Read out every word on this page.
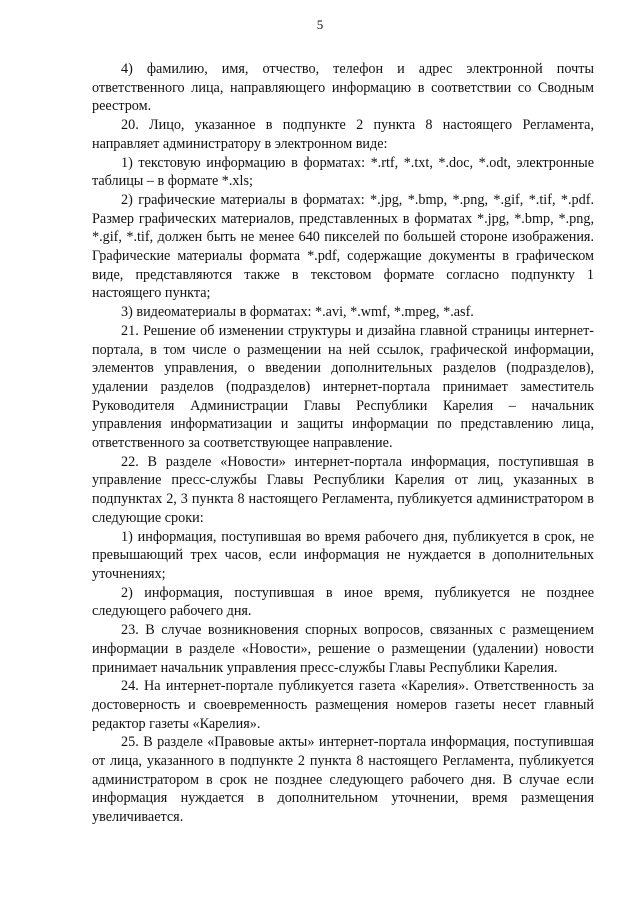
5

4) фамилию, имя, отчество, телефон и адрес электронной почты ответственного лица, направляющего информацию в соответствии со Сводным реестром.

20. Лицо, указанное в подпункте 2 пункта 8 настоящего Регламента, направляет администратору в электронном виде:

1) текстовую информацию в форматах: *.rtf, *.txt, *.doc, *.odt, электронные таблицы – в формате *.xls;

2) графические материалы в форматах: *.jpg, *.bmp, *.png, *.gif, *.tif, *.pdf. Размер графических материалов, представленных в форматах *.jpg, *.bmp, *.png, *.gif, *.tif, должен быть не менее 640 пикселей по большей стороне изображения. Графические материалы формата *.pdf, содержащие документы в графическом виде, представляются также в текстовом формате согласно подпункту 1 настоящего пункта;

3) видеоматериалы в форматах: *.avi, *.wmf, *.mpeg, *.asf.

21. Решение об изменении структуры и дизайна главной страницы интернет-портала, в том числе о размещении на ней ссылок, графической информации, элементов управления, о введении дополнительных разделов (подразделов), удалении разделов (подразделов) интернет-портала принимает заместитель Руководителя Администрации Главы Республики Карелия – начальник управления информатизации и защиты информации по представлению лица, ответственного за соответствующее направление.

22. В разделе «Новости» интернет-портала информация, поступившая в управление пресс-службы Главы Республики Карелия от лиц, указанных в подпунктах 2, 3 пункта 8 настоящего Регламента, публикуется администратором в следующие сроки:

1) информация, поступившая во время рабочего дня, публикуется в срок, не превышающий трех часов, если информация не нуждается в дополнительных уточнениях;

2) информация, поступившая в иное время, публикуется не позднее следующего рабочего дня.

23. В случае возникновения спорных вопросов, связанных с размещением информации в разделе «Новости», решение о размещении (удалении) новости принимает начальник управления пресс-службы Главы Республики Карелия.

24. На интернет-портале публикуется газета «Карелия». Ответственность за достоверность и своевременность размещения номеров газеты несет главный редактор газеты «Карелия».

25. В разделе «Правовые акты» интернет-портала информация, поступившая от лица, указанного в подпункте 2 пункта 8 настоящего Регламента, публикуется администратором в срок не позднее следующего рабочего дня. В случае если информация нуждается в дополнительном уточнении, время размещения увеличивается.
